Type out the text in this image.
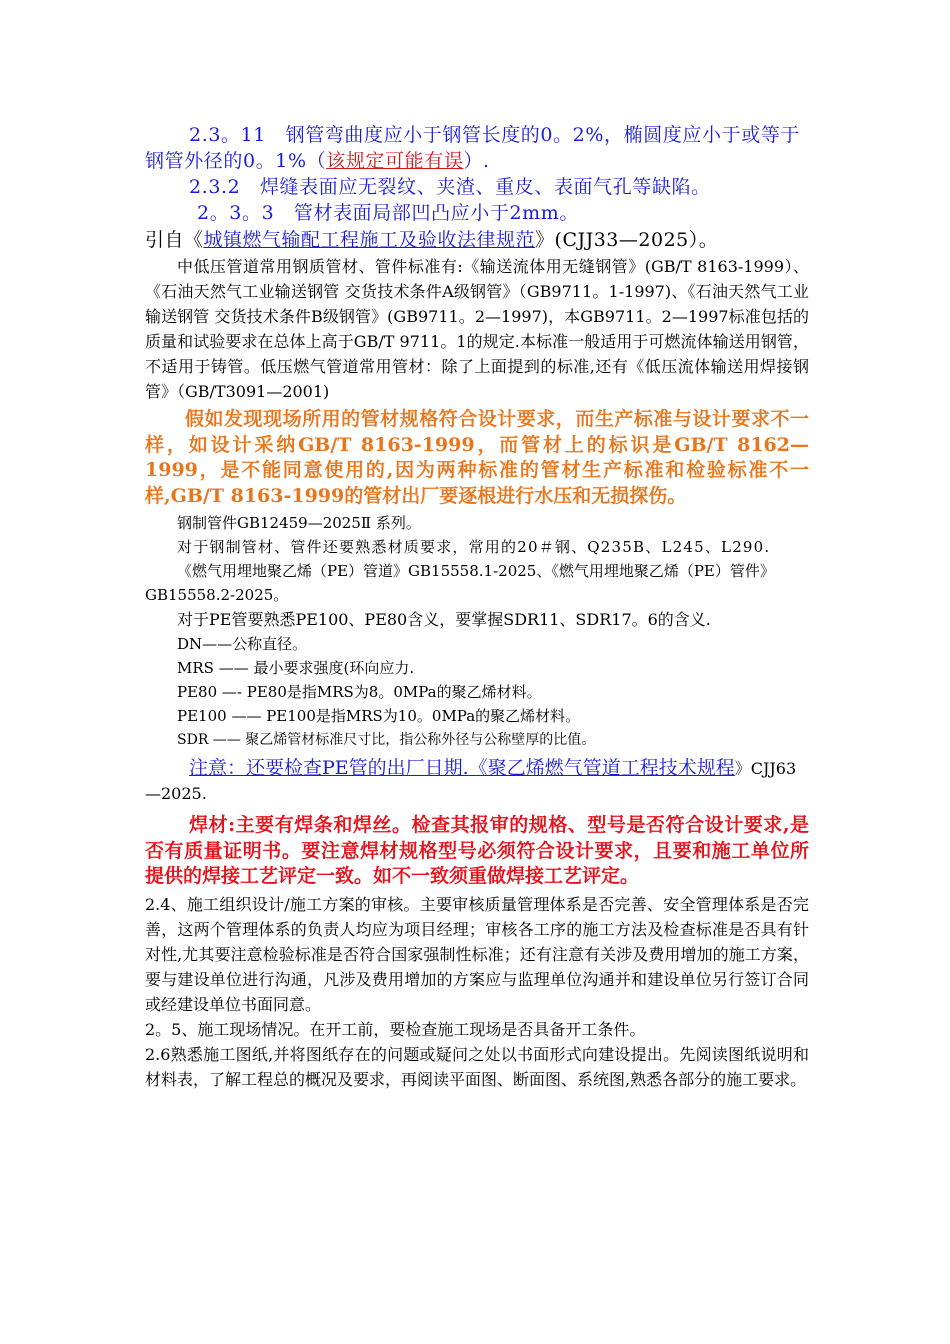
2.3。11　钢管弯曲度应小于钢管长度的0。2%，椭圆度应小于或等于钢管外径的0。1%（该规定可能有误）.

2.3.2　焊缝表面应无裂纹、夹渣、重皮、表面气孔等缺陷。

2。3。3　管材表面局部凹凸应小于2mm。

引自《城镇燃气输配工程施工及验收法律规范》(CJJ33—2025）。

中低压管道常用钢质管材、管件标准有:《输送流体用无缝钢管》(GB/T 8163-1999）、《石油天然气工业输送钢管 交货技术条件A级钢管》（GB9711。1-1997)、《石油天然气工业输送钢管 交货技术条件B级钢管》(GB9711。2—1997)，本GB9711。2—1997标准包括的质量和试验要求在总体上高于GB/T 9711。1的规定.本标准一般适用于可燃流体输送用钢管，不适用于铸管。低压燃气管道常用管材：除了上面提到的标准,还有《低压流体输送用焊接钢管》（GB/T3091—2001)

假如发现现场所用的管材规格符合设计要求，而生产标准与设计要求不一样，如设计采纳GB/T 8163-1999，而管材上的标识是GB/T 8162—1999，是不能同意使用的,因为两种标准的管材生产标准和检验标准不一样,GB/T 8163-1999的管材出厂要逐根进行水压和无损探伤。

钢制管件GB12459—2025Ⅱ 系列。

对于钢制管材、管件还要熟悉材质要求，常用的20＃钢、Q235B、L245、L290.

《燃气用埋地聚乙烯（PE）管道》GB15558.1-2025、《燃气用埋地聚乙烯（PE）管件》GB15558.2-2025。

对于PE管要熟悉PE100、PE80含义，要掌握SDR11、SDR17。6的含义.

DN——公称直径。

MRS —— 最小要求强度(环向应力.

PE80 —- PE80是指MRS为8。0MPa的聚乙烯材料。

PE100 —— PE100是指MRS为10。0MPa的聚乙烯材料。

SDR —— 聚乙烯管材标准尺寸比，指公称外径与公称壁厚的比值。

注意：还要检查PE管的出厂日期.《聚乙烯燃气管道工程技术规程》CJJ63—2025.

焊材:主要有焊条和焊丝。检查其报审的规格、型号是否符合设计要求,是否有质量证明书。要注意焊材规格型号必须符合设计要求，且要和施工单位所提供的焊接工艺评定一致。如不一致须重做焊接工艺评定。

2.4、施工组织设计/施工方案的审核。主要审核质量管理体系是否完善、安全管理体系是否完善，这两个管理体系的负责人均应为项目经理；审核各工序的施工方法及检查标准是否具有针对性,尤其要注意检验标准是否符合国家强制性标准；还有注意有关涉及费用增加的施工方案，要与建设单位进行沟通，凡涉及费用增加的方案应与监理单位沟通并和建设单位另行签订合同或经建设单位书面同意。

2。5、施工现场情况。在开工前，要检查施工现场是否具备开工条件。

2.6熟悉施工图纸,并将图纸存在的问题或疑问之处以书面形式向建设提出。先阅读图纸说明和材料表，了解工程总的概况及要求，再阅读平面图、断面图、系统图,熟悉各部分的施工要求。
